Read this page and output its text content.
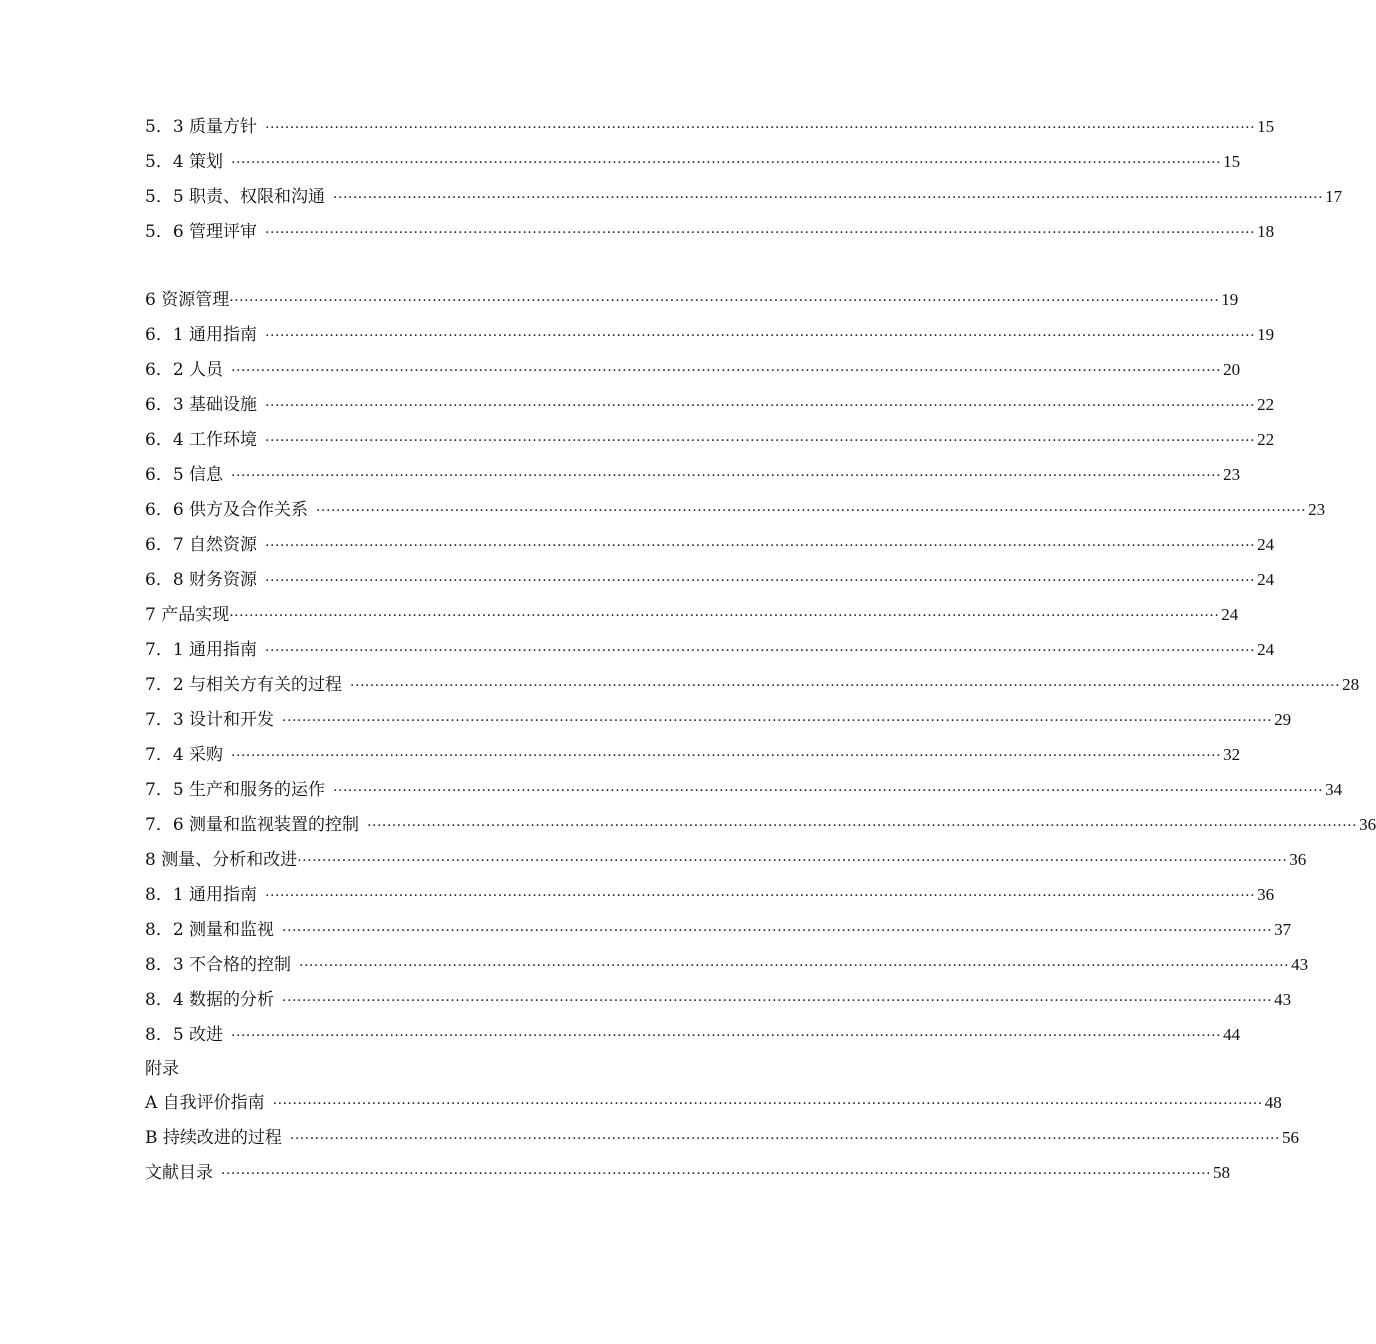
5．3 质量方针 ········································································································································································································ 15
5．4 策划 ········································································································································································································ 15
5．5 职责、权限和沟通 ········································································································································································································ 17
5．6 管理评审 ········································································································································································································ 18
6 资源管理 ········································································································································································································ 19
6．1 通用指南 ········································································································································································································ 19
6．2 人员 ········································································································································································································ 20
6．3 基础设施 ········································································································································································································ 22
6．4 工作环境 ········································································································································································································ 22
6．5 信息 ········································································································································································································ 23
6．6 供方及合作关系 ········································································································································································································ 23
6．7 自然资源 ········································································································································································································ 24
6．8 财务资源 ········································································································································································································ 24
7 产品实现 ········································································································································································································ 24
7．1 通用指南 ········································································································································································································ 24
7．2 与相关方有关的过程 ········································································································································································································ 28
7．3 设计和开发 ········································································································································································································ 29
7．4 采购 ········································································································································································································ 32
7．5 生产和服务的运作 ········································································································································································································ 34
7．6 测量和监视装置的控制 ········································································································································································································ 36
8 测量、分析和改进 ········································································································································································································ 36
8．1 通用指南 ········································································································································································································ 36
8．2 测量和监视 ········································································································································································································ 37
8．3 不合格的控制 ········································································································································································································ 43
8．4 数据的分析 ········································································································································································································ 43
8．5 改进 ········································································································································································································ 44
附录
A 自我评价指南 ········································································································································································································ 48
B 持续改进的过程 ········································································································································································································ 56
文献目录 ········································································································································································································ 58
